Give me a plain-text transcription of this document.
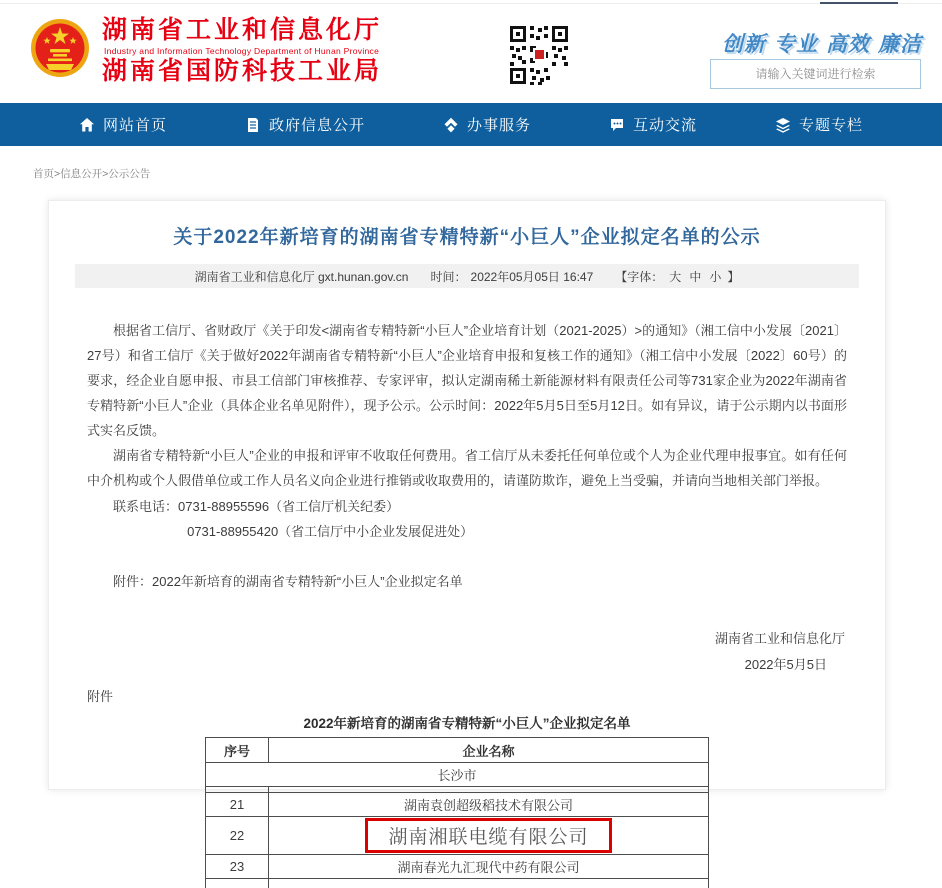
湖南省工业和信息化厅
Industry and Information Technology Department of Hunan Province
湖南省国防科技工业局
创新 专业 高效 廉洁
请输入关键词进行检索
网站首页	政府信息公开	办事服务	互动交流	专题专栏
首页>信息公开>公示公告
关于2022年新培育的湖南省专精特新“小巨人”企业拟定名单的公示
湖南省工业和信息化厅 gxt.hunan.gov.cn 时间： 2022年05月05日 16:47 【字体： 大 中 小 】

根据省工信厅、省财政厅《关于印发<湖南省专精特新“小巨人”企业培育计划（2021-2025）>的通知》（湘工信中小发展〔2021〕27号）和省工信厅《关于做好2022年湖南省专精特新“小巨人”企业培育申报和复核工作的通知》（湘工信中小发展〔2022〕60号）的要求，经企业自愿申报、市县工信部门审核推荐、专家评审，拟认定湖南稀土新能源材料有限责任公司等731家企业为2022年湖南省专精特新“小巨人”企业（具体企业名单见附件），现予公示。公示时间：2022年5月5日至5月12日。如有异议，请于公示期内以书面形式实名反馈。

湖南省专精特新“小巨人”企业的申报和评审不收取任何费用。省工信厅从未委托任何单位或个人为企业代理申报事宜。如有任何中介机构或个人假借单位或工作人员名义向企业进行推销或收取费用的，请谨防欺诈，避免上当受骗，并请向当地相关部门举报。

联系电话：0731-88955596（省工信厅机关纪委）
0731-88955420（省工信厅中小企业发展促进处）
附件：2022年新培育的湖南省专精特新“小巨人”企业拟定名单
湖南省工业和信息化厅
2022年5月5日
附件
2022年新培育的湖南省专精特新“小巨人”企业拟定名单
序号	企业名称
长沙市	

21	湖南袁创超级稻技术有限公司
22	湖南湘联电缆有限公司
23	湖南春光九汇现代中药有限公司
